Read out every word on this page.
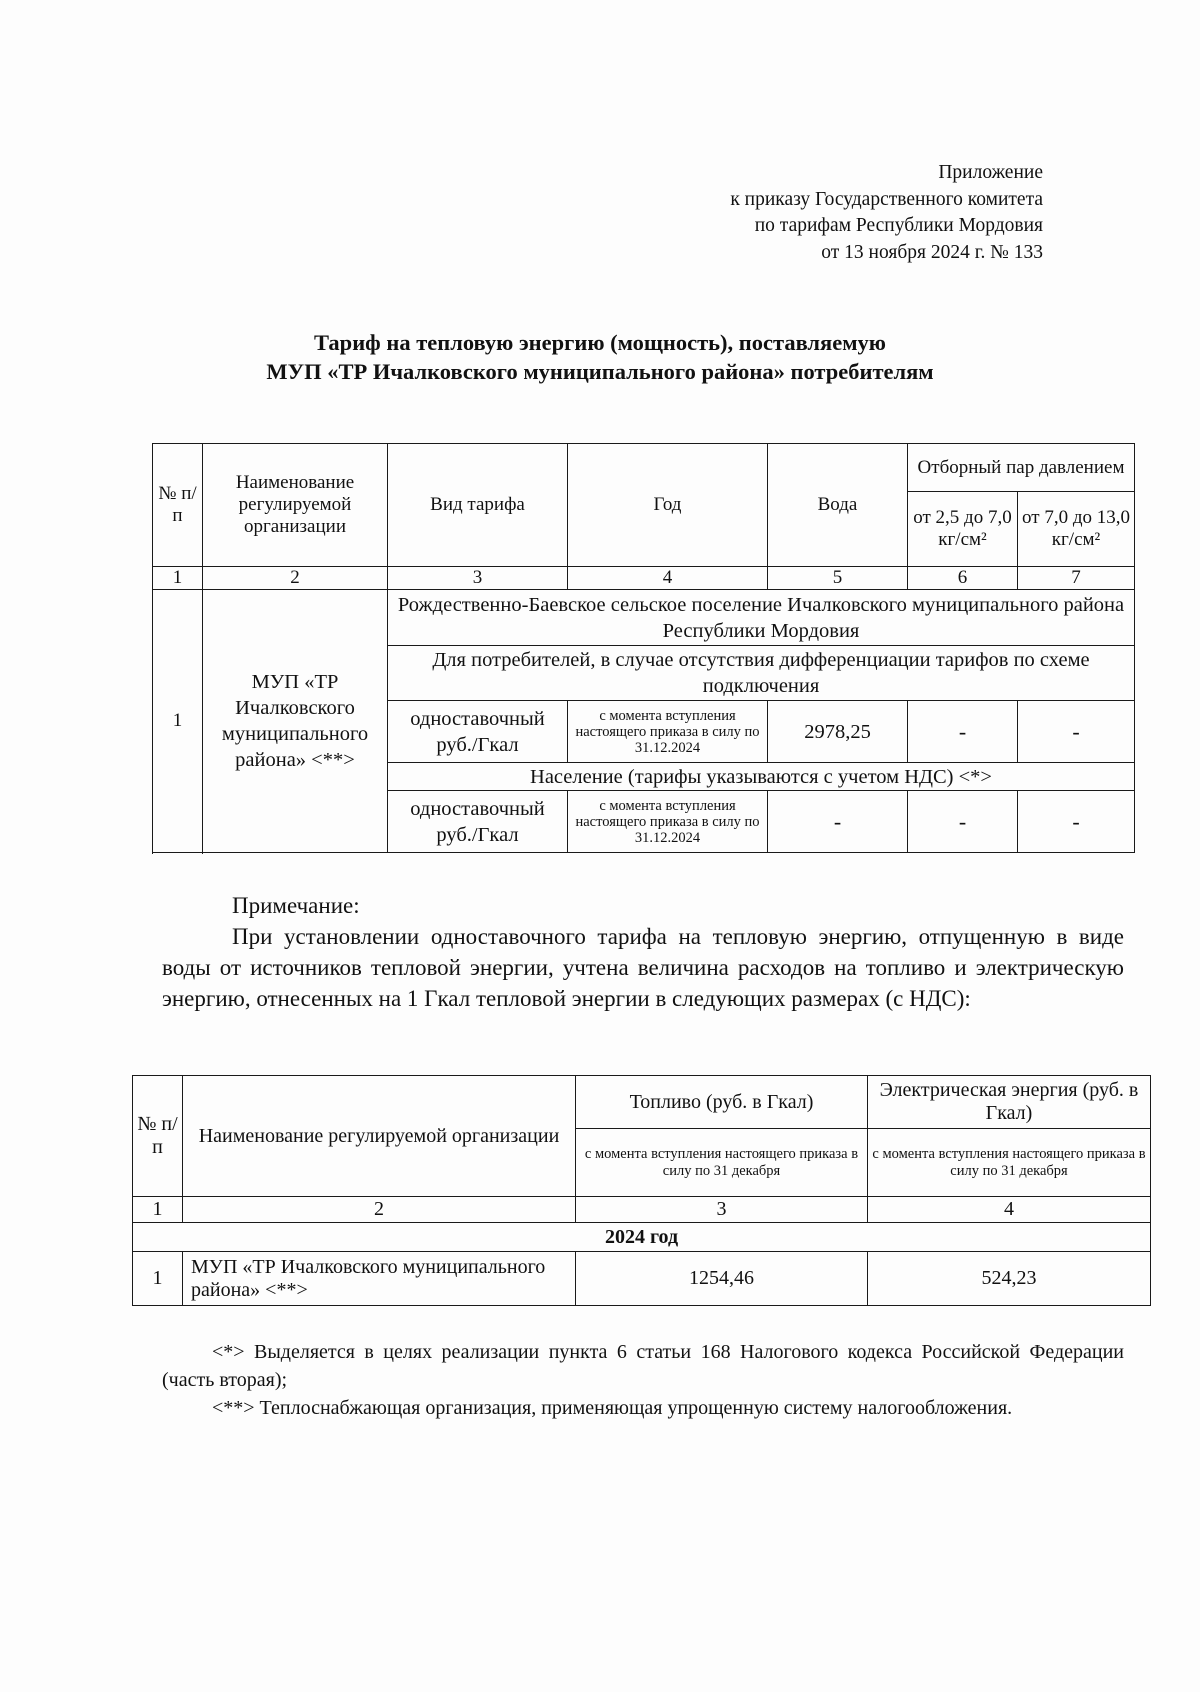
Приложение
к приказу Государственного комитета
по тарифам Республики Мордовия
от 13 ноября 2024 г. № 133
Тариф на тепловую энергию (мощность), поставляемую
МУП «ТР Ичалковского муниципального района» потребителям
№ п/п	Наименование регулируемой организации	Вид тарифа	Год	Вода	Отборный пар давлением	
					от 2,5 до 7,0 кг/см²	от 7,0 до 13,0 кг/см²
1	2	3	4	5	6	7
1	МУП «ТР Ичалковского муниципального района» <**>	Рождественно-Баевское сельское поселение Ичалковского муниципального района Республики Мордовия				
		Для потребителей, в случае отсутствия дифференциации тарифов по схеме подключения				
		одноставочный руб./Гкал	с момента вступления настоящего приказа в силу по 31.12.2024	2978,25	-	-
		Население (тарифы указываются с учетом НДС) <*>				
		одноставочный руб./Гкал	с момента вступления настоящего приказа в силу по 31.12.2024	-	-	-

Примечание:

При установлении одноставочного тарифа на тепловую энергию, отпущенную в виде воды от источников тепловой энергии, учтена величина расходов на топливо и электрическую энергию, отнесенных на 1 Гкал тепловой энергии в следующих размерах (с НДС):

№ п/п	Наименование регулируемой организации	Топливо (руб. в Гкал)	Электрическая энергия (руб. в Гкал)
		с момента вступления настоящего приказа в силу по 31 декабря	с момента вступления настоящего приказа в силу по 31 декабря
1	2	3	4
2024 год			
1	МУП «ТР Ичалковского муниципального района» <**>	1254,46	524,23

<*> Выделяется в целях реализации пункта 6 статьи 168 Налогового кодекса Российской Федерации (часть вторая);

<**> Теплоснабжающая организация, применяющая упрощенную систему налогообложения.
